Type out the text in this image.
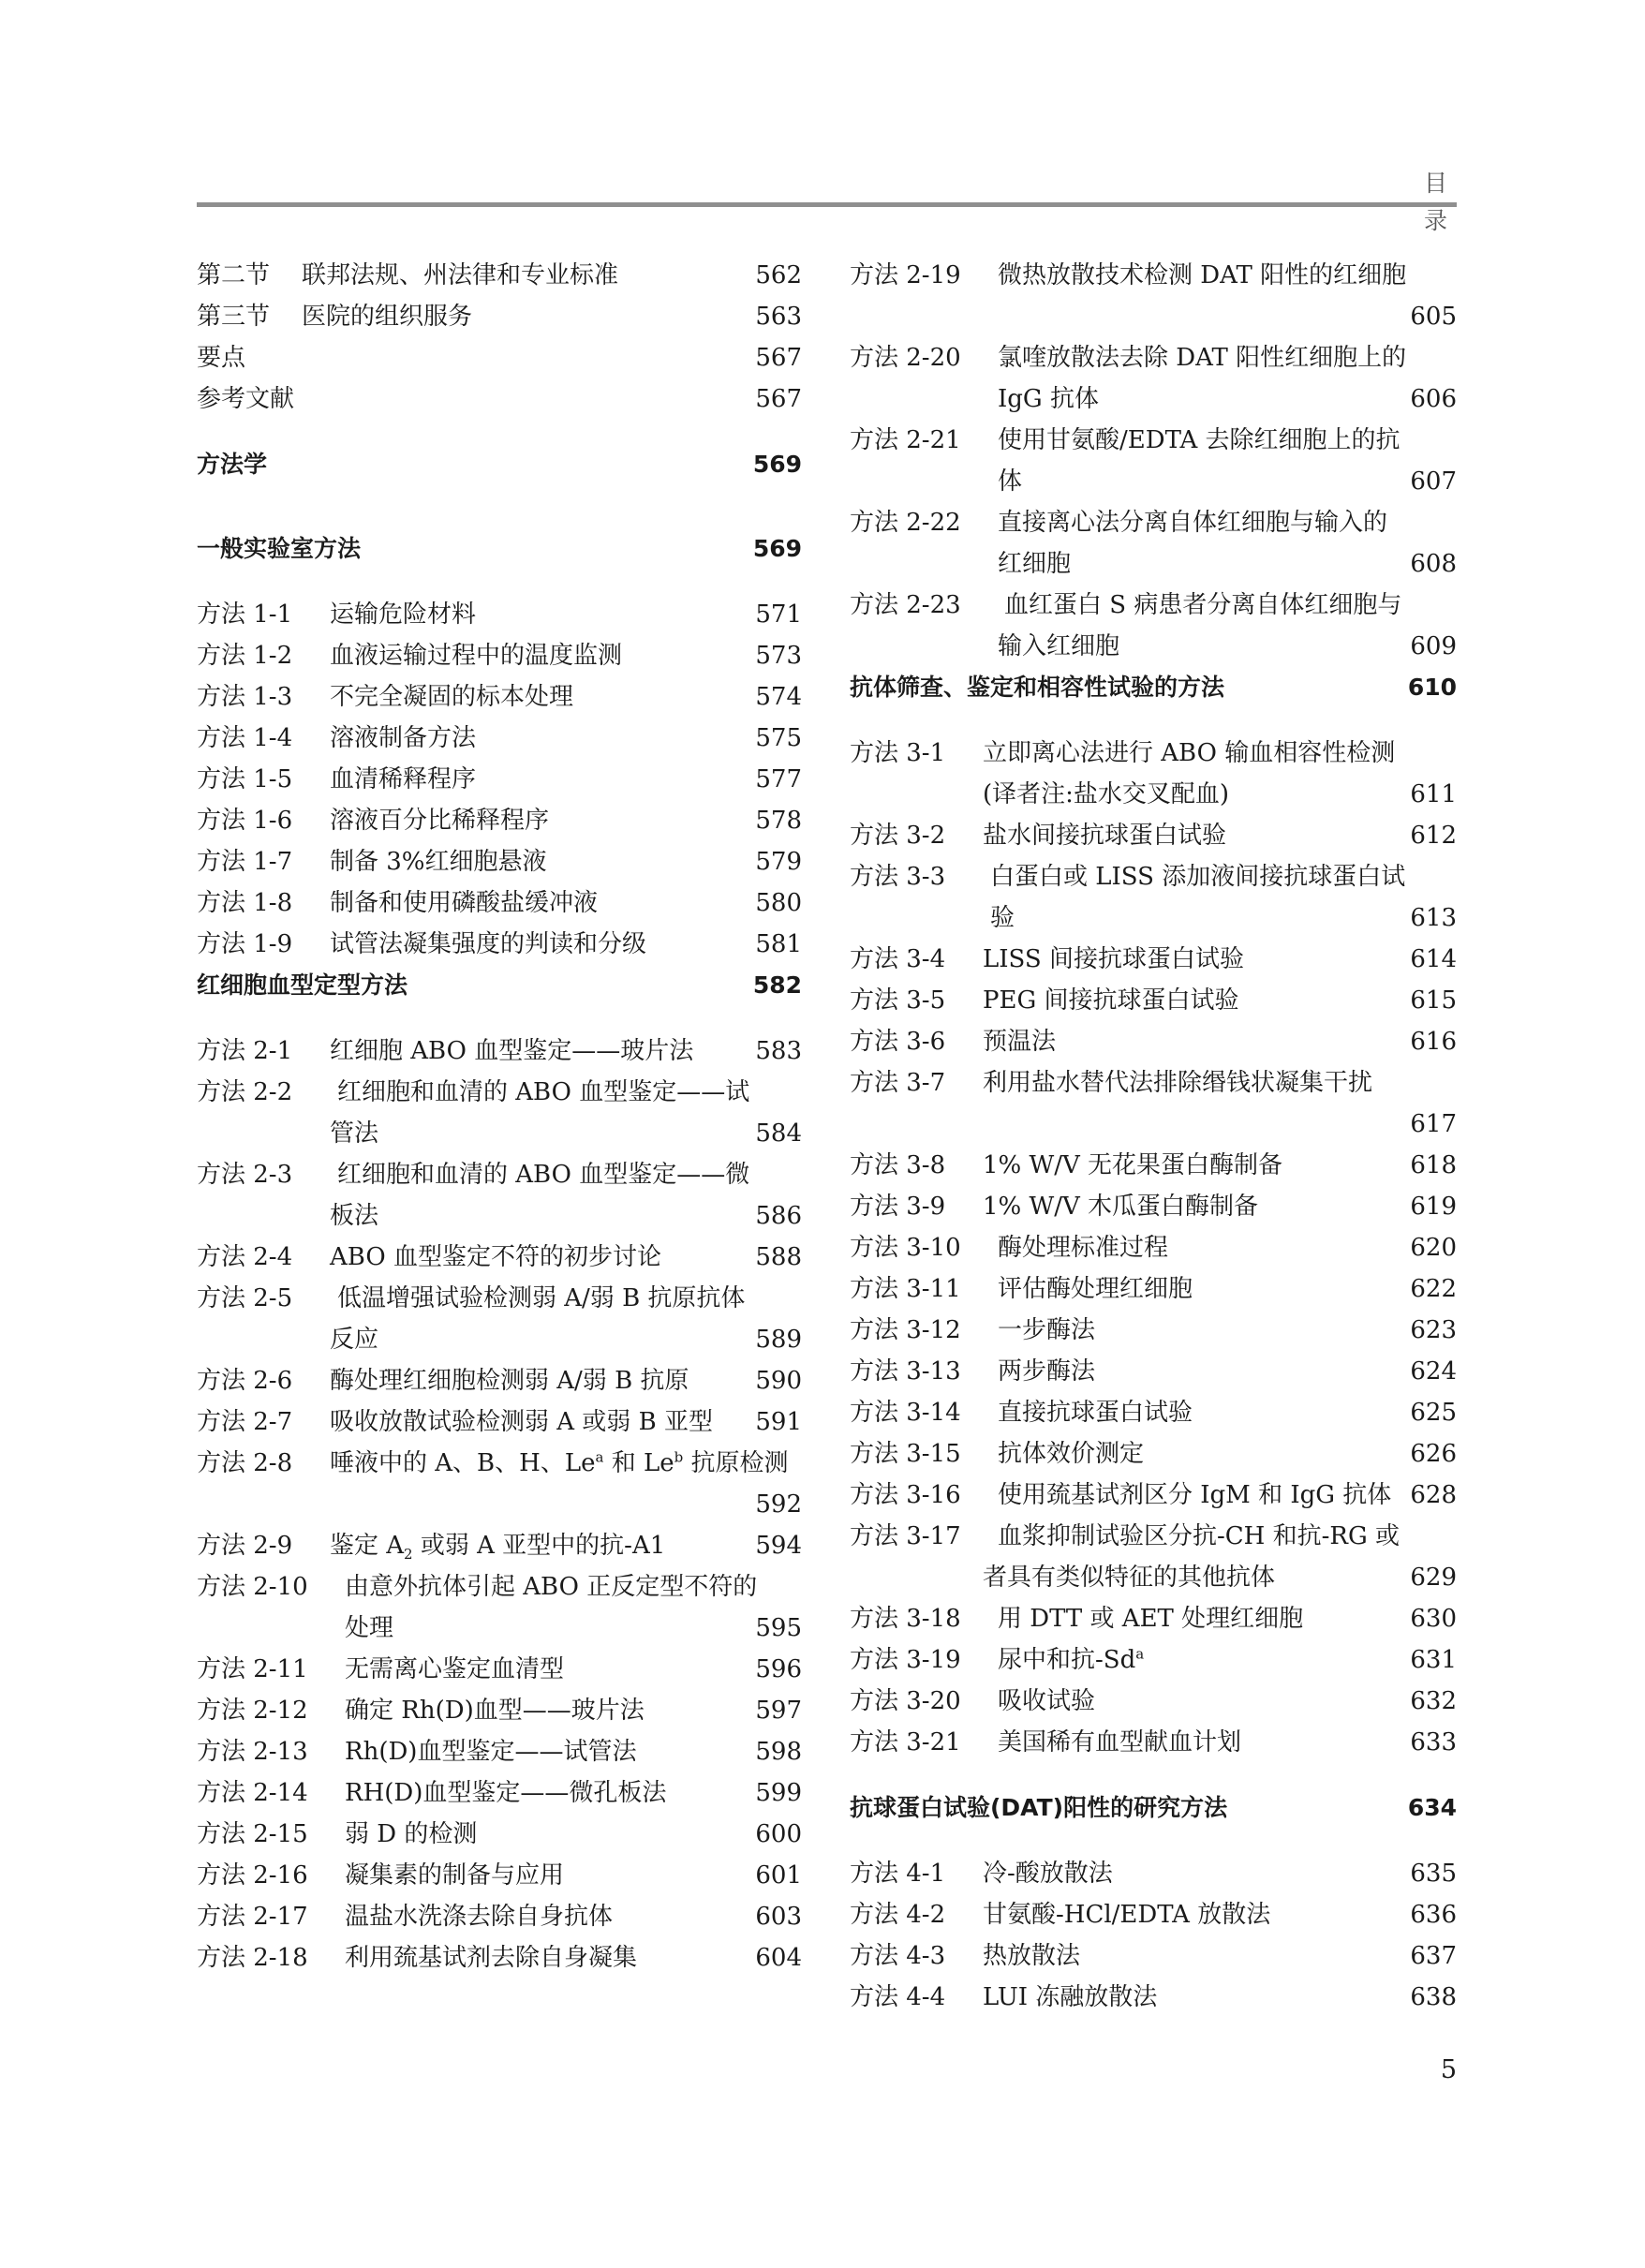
目 录
第二节 联邦法规、州法律和专业标准	562
第三节 医院的组织服务	563
要点	567
参考文献	567
方法学	569
一般实验室方法	569
方法 1-1 运输危险材料	571
方法 1-2 血液运输过程中的温度监测	573
方法 1-3 不完全凝固的标本处理	574
方法 1-4 溶液制备方法	575
方法 1-5 血清稀释程序	577
方法 1-6 溶液百分比稀释程序	578
方法 1-7 制备 3%红细胞悬液	579
方法 1-8 制备和使用磷酸盐缓冲液	580
方法 1-9 试管法凝集强度的判读和分级	581
红细胞血型定型方法	582
方法 2-1 红细胞 ABO 血型鉴定——玻片法	583
方法 2-2 红细胞和血清的 ABO 血型鉴定——试
管法	584
方法 2-3 红细胞和血清的 ABO 血型鉴定——微
板法	586
方法 2-4 ABO 血型鉴定不符的初步讨论	588
方法 2-5 低温增强试验检测弱 A/弱 B 抗原抗体
反应	589
方法 2-6 酶处理红细胞检测弱 A/弱 B 抗原	590
方法 2-7 吸收放散试验检测弱 A 或弱 B 亚型 591
方法 2-8 唾液中的 A、B、H、Le$^a$ 和 Le$^b$ 抗原检测
592
方法 2-9 鉴定 $A_2$ 或弱 A 亚型中的抗-A1	594
方法 2-10 由意外抗体引起 ABO 正反定型不符的
处理	595
方法 2-11 无需离心鉴定血清型	596
方法 2-12 确定 Rh(D)血型——玻片法	597
方法 2-13 Rh(D)血型鉴定——试管法	598
方法 2-14 RH(D)血型鉴定——微孔板法	599
方法 2-15 弱 D 的检测	600
方法 2-16 凝集素的制备与应用	601
方法 2-17 温盐水洗涤去除自身抗体	603
方法 2-18 利用巯基试剂去除自身凝集	604
方法 2-19 微热放散技术检测 DAT 阳性的红细胞
605
方法 2-20 氯喹放散法去除 DAT 阳性红细胞上的
IgG 抗体	606
方法 2-21 使用甘氨酸/EDTA 去除红细胞上的抗
体	607
方法 2-22 直接离心法分离自体红细胞与输入的
红细胞	608
方法 2-23 血红蛋白 S 病患者分离自体红细胞与
输入红细胞	609
抗体筛查、鉴定和相容性试验的方法	610
方法 3-1 立即离心法进行 ABO 输血相容性检测
(译者注:盐水交叉配血)	611
方法 3-2 盐水间接抗球蛋白试验	612
方法 3-3 白蛋白或 LISS 添加液间接抗球蛋白试
验	613
方法 3-4 LISS 间接抗球蛋白试验	614
方法 3-5 PEG 间接抗球蛋白试验	615
方法 3-6 预温法	616
方法 3-7 利用盐水替代法排除缗钱状凝集干扰
617
方法 3-8 1% W/V 无花果蛋白酶制备	618
方法 3-9 1% W/V 木瓜蛋白酶制备	619
方法 3-10 酶处理标准过程	620
方法 3-11 评估酶处理红细胞	622
方法 3-12 一步酶法	623
方法 3-13 两步酶法	624
方法 3-14 直接抗球蛋白试验	625
方法 3-15 抗体效价测定	626
方法 3-16 使用巯基试剂区分 IgM 和 IgG 抗体 628
方法 3-17 血浆抑制试验区分抗-CH 和抗-RG 或
者具有类似特征的其他抗体	629
方法 3-18 用 DTT 或 AET 处理红细胞	630
方法 3-19 尿中和抗-Sd$^a$	631
方法 3-20 吸收试验	632
方法 3-21 美国稀有血型献血计划	633
抗球蛋白试验(DAT)阳性的研究方法	634
方法 4-1 冷-酸放散法	635
方法 4-2 甘氨酸-HCl/EDTA 放散法	636
方法 4-3 热放散法	637
方法 4-4 LUI 冻融放散法	638
5
